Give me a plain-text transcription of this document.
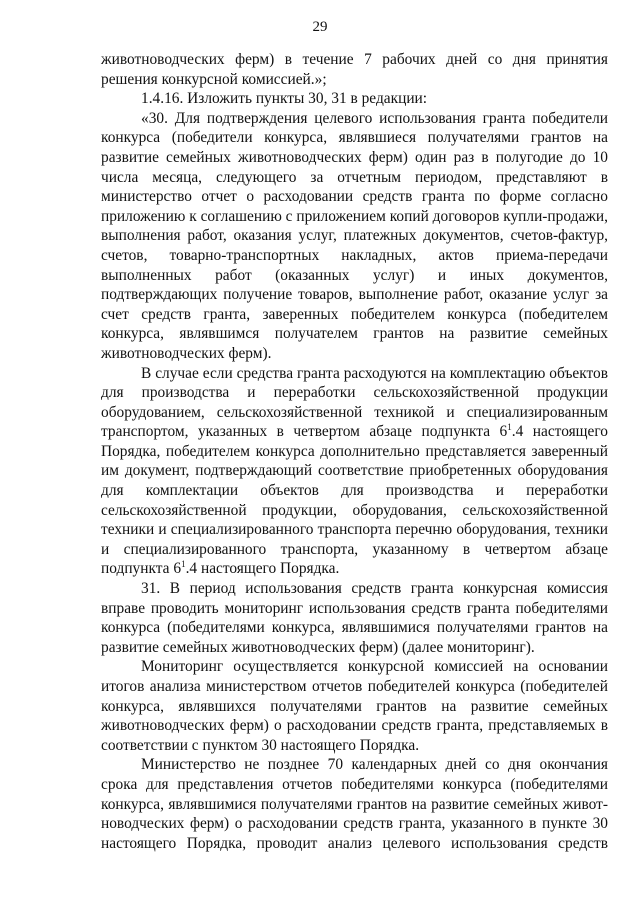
29

животноводческих ферм) в течение 7 рабочих дней со дня принятия решения конкурсной комиссией.»;

1.4.16. Изложить пункты 30, 31 в редакции:

«30. Для подтверждения целевого использования гранта победители конкурса (победители конкурса, являвшиеся получателями грантов на развитие семейных животноводческих ферм) один раз в полугодие до 10 числа месяца, следующего за отчетным периодом, представляют в министерство отчет о расходовании средств гранта по форме согласно приложению к соглашению с приложением копий договоров купли-продажи, выполнения работ, оказания услуг, платежных документов, счетов-фактур, счетов, товарно-транспортных накладных, актов приема-передачи выполненных работ (оказанных услуг) и иных документов, подтверждающих получение товаров, выполнение работ, оказание услуг за счет средств гранта, заверенных победителем конкурса (победителем конкурса, являвшимся получателем грантов на развитие семейных животноводческих ферм).

В случае если средства гранта расходуются на комплектацию объектов для производства и переработки сельскохозяйственной продукции оборудованием, сельскохозяйственной техникой и специализированным транспортом, указанных в четвертом абзаце подпункта $6^1.4$ настоящего Порядка, победителем конкурса дополнительно представляется заверенный им документ, подтверждающий соответствие приобретенных оборудования для комплектации объектов для производства и переработки сельскохозяйственной продукции, оборудования, сельскохозяйственной техники и специализированного транспорта перечню оборудования, техники и специализированного транспорта, указанному в четвертом абзаце подпункта $6^1.4$ настоящего Порядка.

31. В период использования средств гранта конкурсная комиссия вправе проводить мониторинг использования средств гранта победителями конкурса (победителями конкурса, являвшимися получателями грантов на развитие семейных животноводческих ферм) (далее мониторинг).

Мониторинг осуществляется конкурсной комиссией на основании итогов анализа министерством отчетов победителей конкурса (победителей конкурса, являвшихся получателями грантов на развитие семейных животноводческих ферм) о расходовании средств гранта, представляемых в соответствии с пунктом 30 настоящего Порядка.

Министерство не позднее 70 календарных дней со дня окончания срока для представления отчетов победителями конкурса (победителями конкурса, являвшимися получателями грантов на развитие семейных животноводческих ферм) о расходовании средств гранта, указанного в пункте 30 настоящего Порядка, проводит анализ целевого использования средств
